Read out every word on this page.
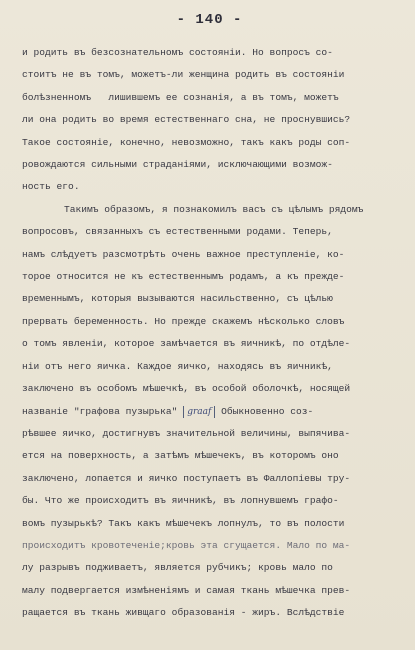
- 140 -
и родить въ безсознательномъ состоянiи. Но вопросъ со-
стоитъ не въ томъ, можетъ-ли женщина родить въ состоянiи
болѣзненномъ   лишившемъ ее сознанiя, а въ томъ, можетъ
ли она родить во время естественнаго сна, не проснувшись?
Такое состоянiе, конечно, невозможно, такъ какъ роды соп-
ровождаются сильными страданiями, исключающими возмож-
ность его.
Такимъ образомъ, я познакомилъ васъ съ цѣлымъ рядомъ
вопросовъ, связанныхъ съ естественными родами. Теперь,
намъ слѣдуетъ разсмотрѣть очень важное преступленiе, ко-
торое относится не къ естественнымъ родамъ, а къ прежде-
временнымъ, которыя вызываются насильственно, съ цѣлью
прервать беременность. Но прежде скажемъ нѣсколько словъ
о томъ явленiи, которое замѣчается въ яичникѣ, по отдѣле-
нiи отъ него яичка. Каждое яичко, находясь въ яичникѣ,
заключено въ особомъ мѣшечкѣ, въ особой оболочкѣ, носящей
названiе "графова пузырька" graaf Обыкновенно соз-
рѣвшее яичко, достигнувъ значительной величины, выпячива-
ется на поверхность, а затѣмъ мѣшечекъ, въ которомъ оно
заключено, лопается и яичко поступаетъ въ Фаллопiевы тру-
бы. Что же происходитъ въ яичникѣ, въ лопнувшемъ графо-
вомъ пузырькѣ? Такъ какъ мѣшечекъ лопнулъ, то въ полости
происходитъ кровотеченiе;кровь эта сгущается. Мало по ма-
лу разрывъ подживаетъ, является рубчикъ; кровь мало по
малу подвергается измѣненiямъ и самая ткань мѣшечка прев-
ращается въ ткань живщаго образованiя - жиръ. Вслѣдствiе
